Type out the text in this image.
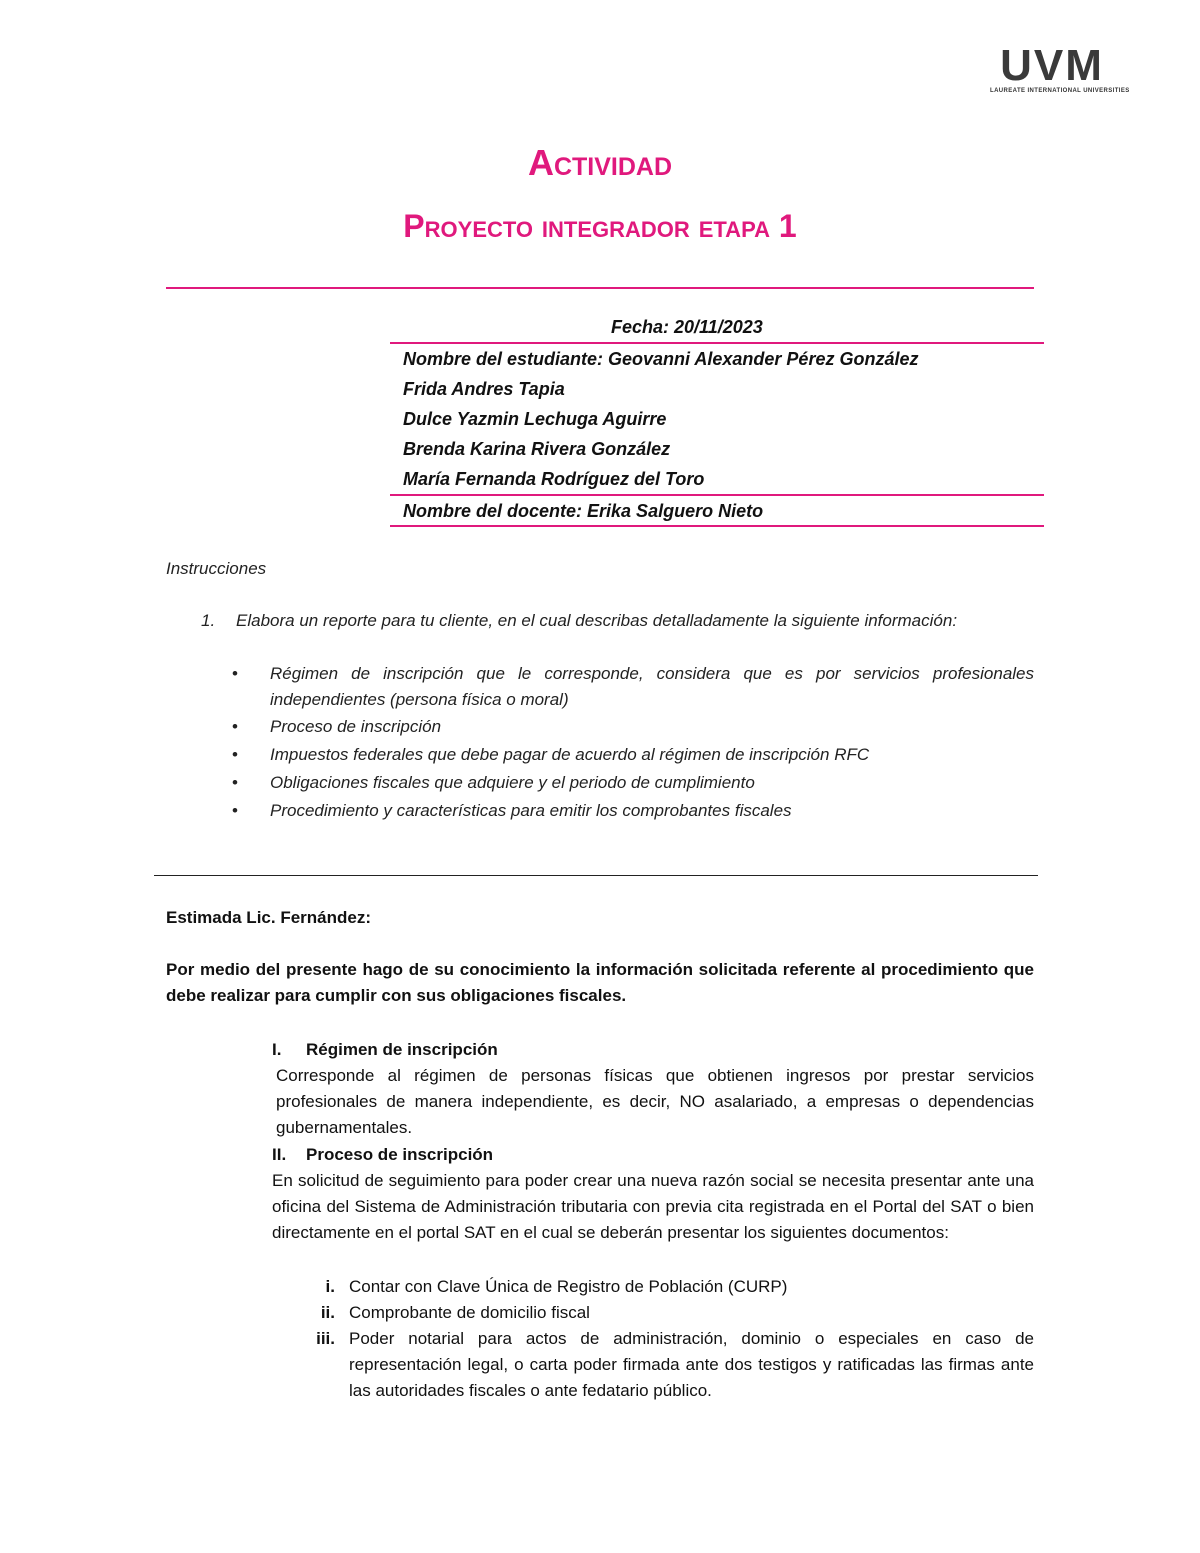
UVM
LAUREATE INTERNATIONAL UNIVERSITIES
Actividad
Proyecto integrador etapa 1
Fecha: 20/11/2023
Nombre del estudiante: Geovanni Alexander Pérez González
Frida Andres Tapia
Dulce Yazmin Lechuga Aguirre
Brenda Karina Rivera González
María Fernanda Rodríguez del Toro
Nombre del docente: Erika Salguero Nieto
Instrucciones
1. Elabora un reporte para tu cliente, en el cual describas detalladamente la siguiente información:
• Régimen de inscripción que le corresponde, considera que es por servicios profesionales independientes (persona física o moral)
• Proceso de inscripción
• Impuestos federales que debe pagar de acuerdo al régimen de inscripción RFC
• Obligaciones fiscales que adquiere y el periodo de cumplimiento
• Procedimiento y características para emitir los comprobantes fiscales
Estimada Lic. Fernández:
Por medio del presente hago de su conocimiento la información solicitada referente al procedimiento que debe realizar para cumplir con sus obligaciones fiscales.
I. Régimen de inscripción
Corresponde al régimen de personas físicas que obtienen ingresos por prestar servicios profesionales de manera independiente, es decir, NO asalariado, a empresas o dependencias gubernamentales.
II. Proceso de inscripción
En solicitud de seguimiento para poder crear una nueva razón social se necesita presentar ante una oficina del Sistema de Administración tributaria con previa cita registrada en el Portal del SAT o bien directamente en el portal SAT en el cual se deberán presentar los siguientes documentos:
i. Contar con Clave Única de Registro de Población (CURP)
ii. Comprobante de domicilio fiscal
iii. Poder notarial para actos de administración, dominio o especiales en caso de representación legal, o carta poder firmada ante dos testigos y ratificadas las firmas ante las autoridades fiscales o ante fedatario público.
